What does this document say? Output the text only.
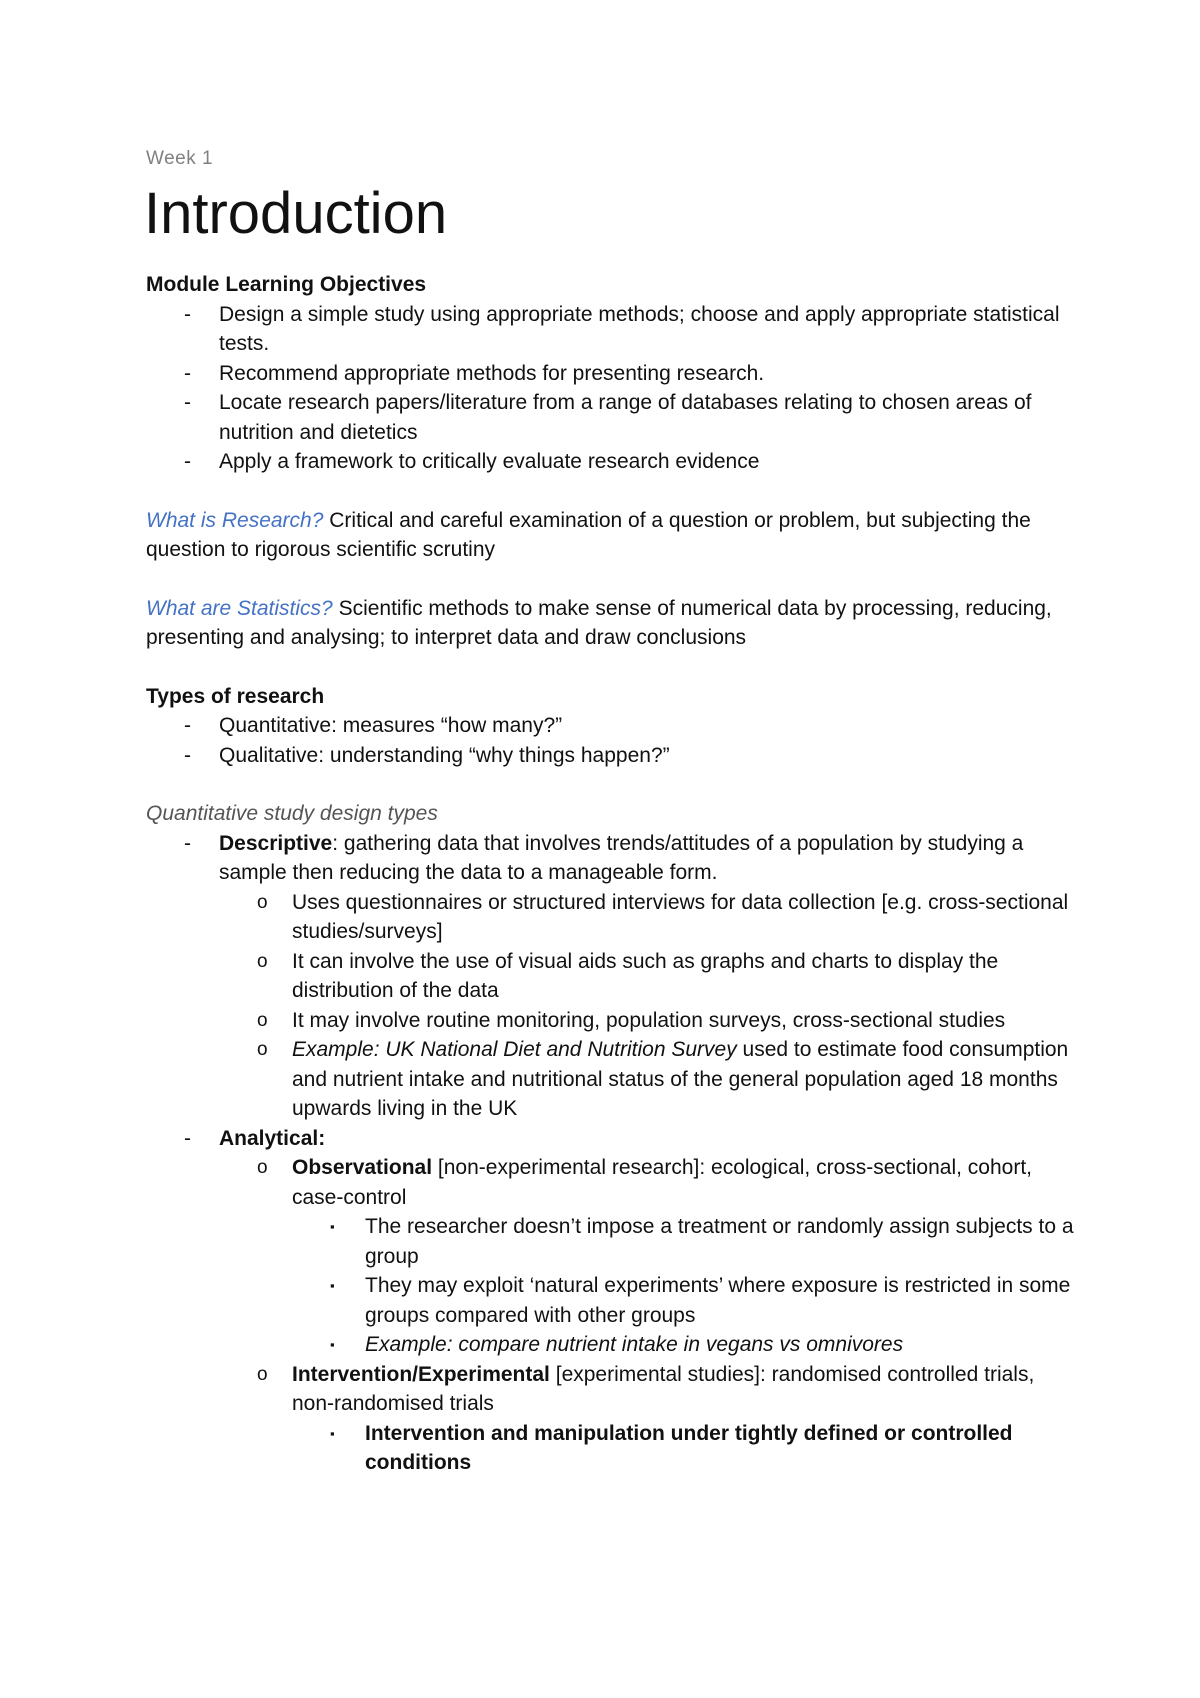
Week 1
Introduction
Module Learning Objectives
- Design a simple study using appropriate methods; choose and apply appropriate statistical tests.
- Recommend appropriate methods for presenting research.
- Locate research papers/literature from a range of databases relating to chosen areas of nutrition and dietetics
- Apply a framework to critically evaluate research evidence
What is Research? Critical and careful examination of a question or problem, but subjecting the question to rigorous scientific scrutiny
What are Statistics? Scientific methods to make sense of numerical data by processing, reducing, presenting and analysing; to interpret data and draw conclusions
Types of research
- Quantitative: measures “how many?”
- Qualitative: understanding “why things happen?”
Quantitative study design types
- Descriptive: gathering data that involves trends/attitudes of a population by studying a sample then reducing the data to a manageable form.
o Uses questionnaires or structured interviews for data collection [e.g. cross-sectional studies/surveys]
o It can involve the use of visual aids such as graphs and charts to display the distribution of the data
o It may involve routine monitoring, population surveys, cross-sectional studies
o Example: UK National Diet and Nutrition Survey used to estimate food consumption and nutrient intake and nutritional status of the general population aged 18 months upwards living in the UK
- Analytical:
o Observational [non-experimental research]: ecological, cross-sectional, cohort, case-control
▪ The researcher doesn’t impose a treatment or randomly assign subjects to a group
▪ They may exploit ‘natural experiments’ where exposure is restricted in some groups compared with other groups
▪ Example: compare nutrient intake in vegans vs omnivores
o Intervention/Experimental [experimental studies]: randomised controlled trials, non-randomised trials
▪ Intervention and manipulation under tightly defined or controlled conditions
